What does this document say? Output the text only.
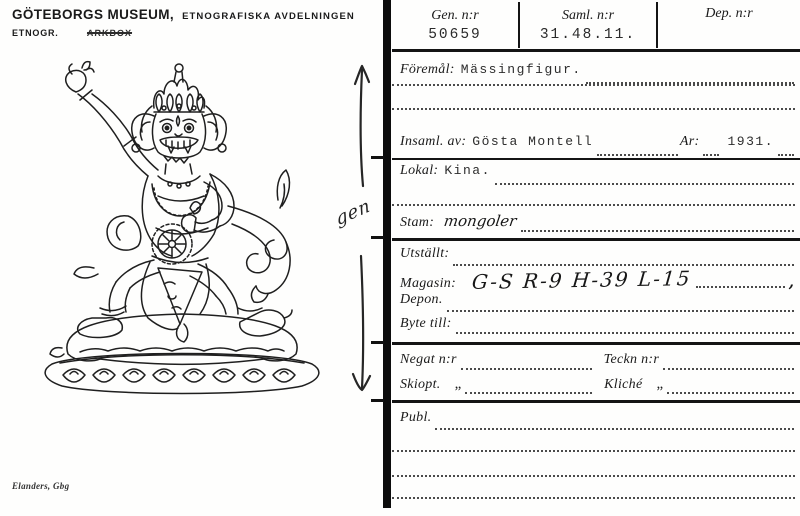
GÖTEBORGS MUSEUM, ETNOGRAFISKA AVDELNINGEN
ETNOGR.	ARKBOX
gen
Gen. n:r
50659
Saml. n:r
31.48.11.
Dep. n:r
Föremål: Mässingfigur.
Insaml. av: Gösta Montell	Ar: 1931.
Lokal: Kina.
Stam: mongoler
Utställt:
Magasin: G-S R-9 H-39 L-15	,
Depon.
Byte till:
Negat n:r	Teckn n:r
Skiopt. „	Kliché „
Publ.
Elanders, Gbg
